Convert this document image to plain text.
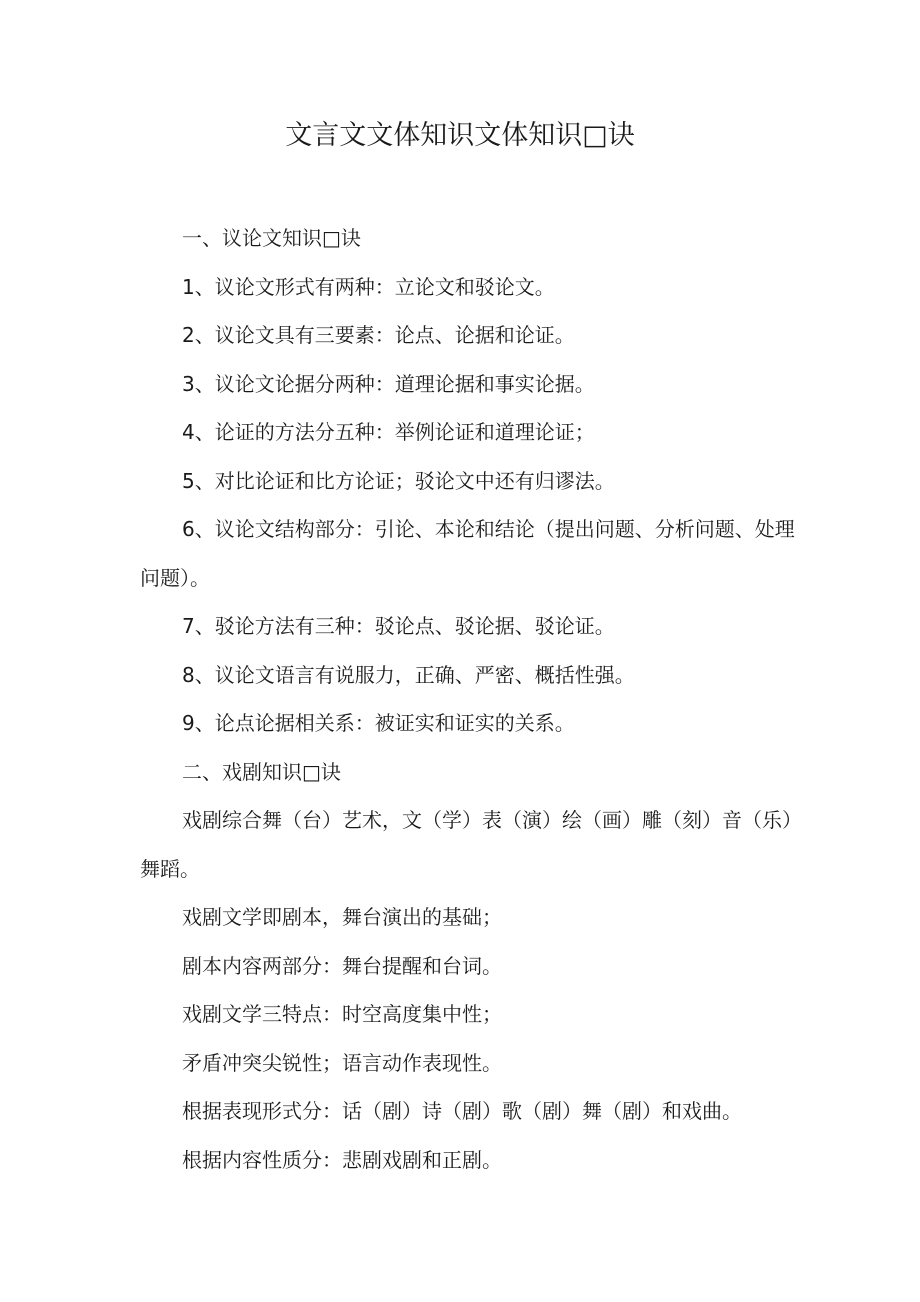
文言文文体知识文体知识□诀

一、议论文知识□诀

1、议论文形式有两种：立论文和驳论文。

2、议论文具有三要素：论点、论据和论证。

3、议论文论据分两种：道理论据和事实论据。

4、论证的方法分五种：举例论证和道理论证；

5、对比论证和比方论证；驳论文中还有归谬法。

6、议论文结构部分：引论、本论和结论（提出问题、分析问题、处理问题）。

7、驳论方法有三种：驳论点、驳论据、驳论证。

8、议论文语言有说服力，正确、严密、概括性强。

9、论点论据相关系：被证实和证实的关系。

二、戏剧知识□诀

戏剧综合舞（台）艺术，文（学）表（演）绘（画）雕（刻）音（乐）舞蹈。

戏剧文学即剧本，舞台演出的基础；

剧本内容两部分：舞台提醒和台词。

戏剧文学三特点：时空高度集中性；

矛盾冲突尖锐性；语言动作表现性。

根据表现形式分：话（剧）诗（剧）歌（剧）舞（剧）和戏曲。

根据内容性质分：悲剧戏剧和正剧。
